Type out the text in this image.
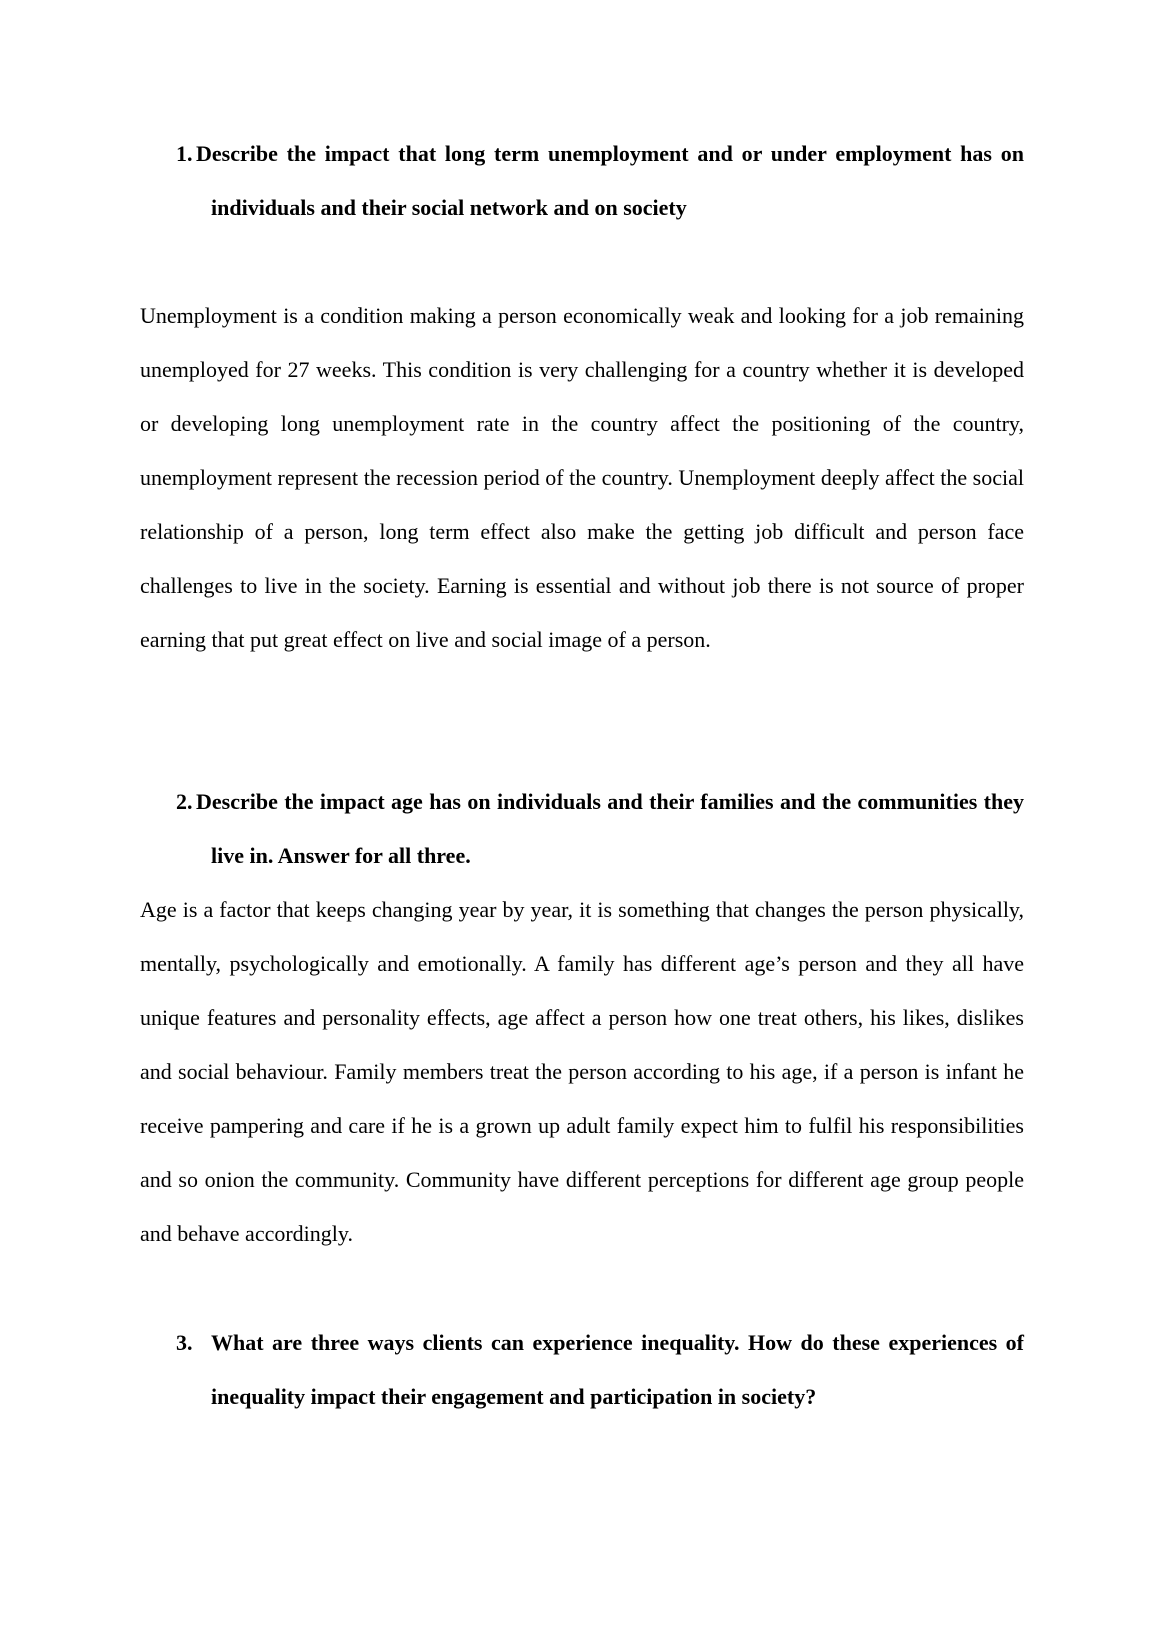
1. Describe the impact that long term unemployment and or under employment has on individuals and their social network and on society
Unemployment is a condition making a person economically weak and looking for a job remaining unemployed for 27 weeks. This condition is very challenging for a country whether it is developed or developing long unemployment rate in the country affect the positioning of the country, unemployment represent the recession period of the country. Unemployment deeply affect the social relationship of a person, long term effect also make the getting job difficult and person face challenges to live in the society. Earning is essential and without job there is not source of proper earning that put great effect on live and social image of a person.
2. Describe the impact age has on individuals and their families and the communities they live in. Answer for all three.
Age is a factor that keeps changing year by year, it is something that changes the person physically, mentally, psychologically and emotionally. A family has different age’s person and they all have unique features and personality effects, age affect a person how one treat others, his likes, dislikes and social behaviour. Family members treat the person according to his age, if a person is infant he receive pampering and care if he is a grown up adult family expect him to fulfil his responsibilities and so onion the community. Community have different perceptions for different age group people and behave accordingly.
3. What are three ways clients can experience inequality. How do these experiences of inequality impact their engagement and participation in society?
